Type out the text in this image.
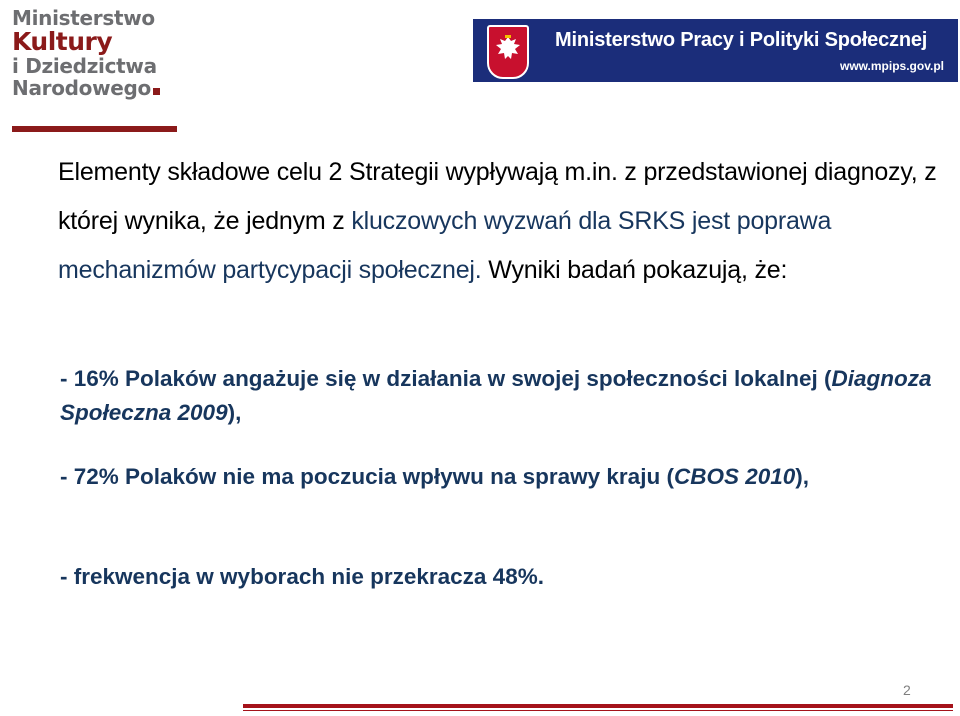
Ministerstwo
Kultury
i Dziedzictwa
Narodowego
Ministerstwo Pracy i Polityki Społecznej
www.mpips.gov.pl
Elementy składowe celu 2 Strategii wypływają m.in. z przedstawionej diagnozy, z której wynika, że jednym z kluczowych wyzwań dla SRKS jest poprawa mechanizmów partycypacji społecznej. Wyniki badań pokazują, że:
- 16% Polaków angażuje się w działania w swojej społeczności lokalnej (Diagnoza Społeczna 2009),
- 72% Polaków nie ma poczucia wpływu na sprawy kraju (CBOS 2010),
- frekwencja w wyborach nie przekracza 48%.
2
